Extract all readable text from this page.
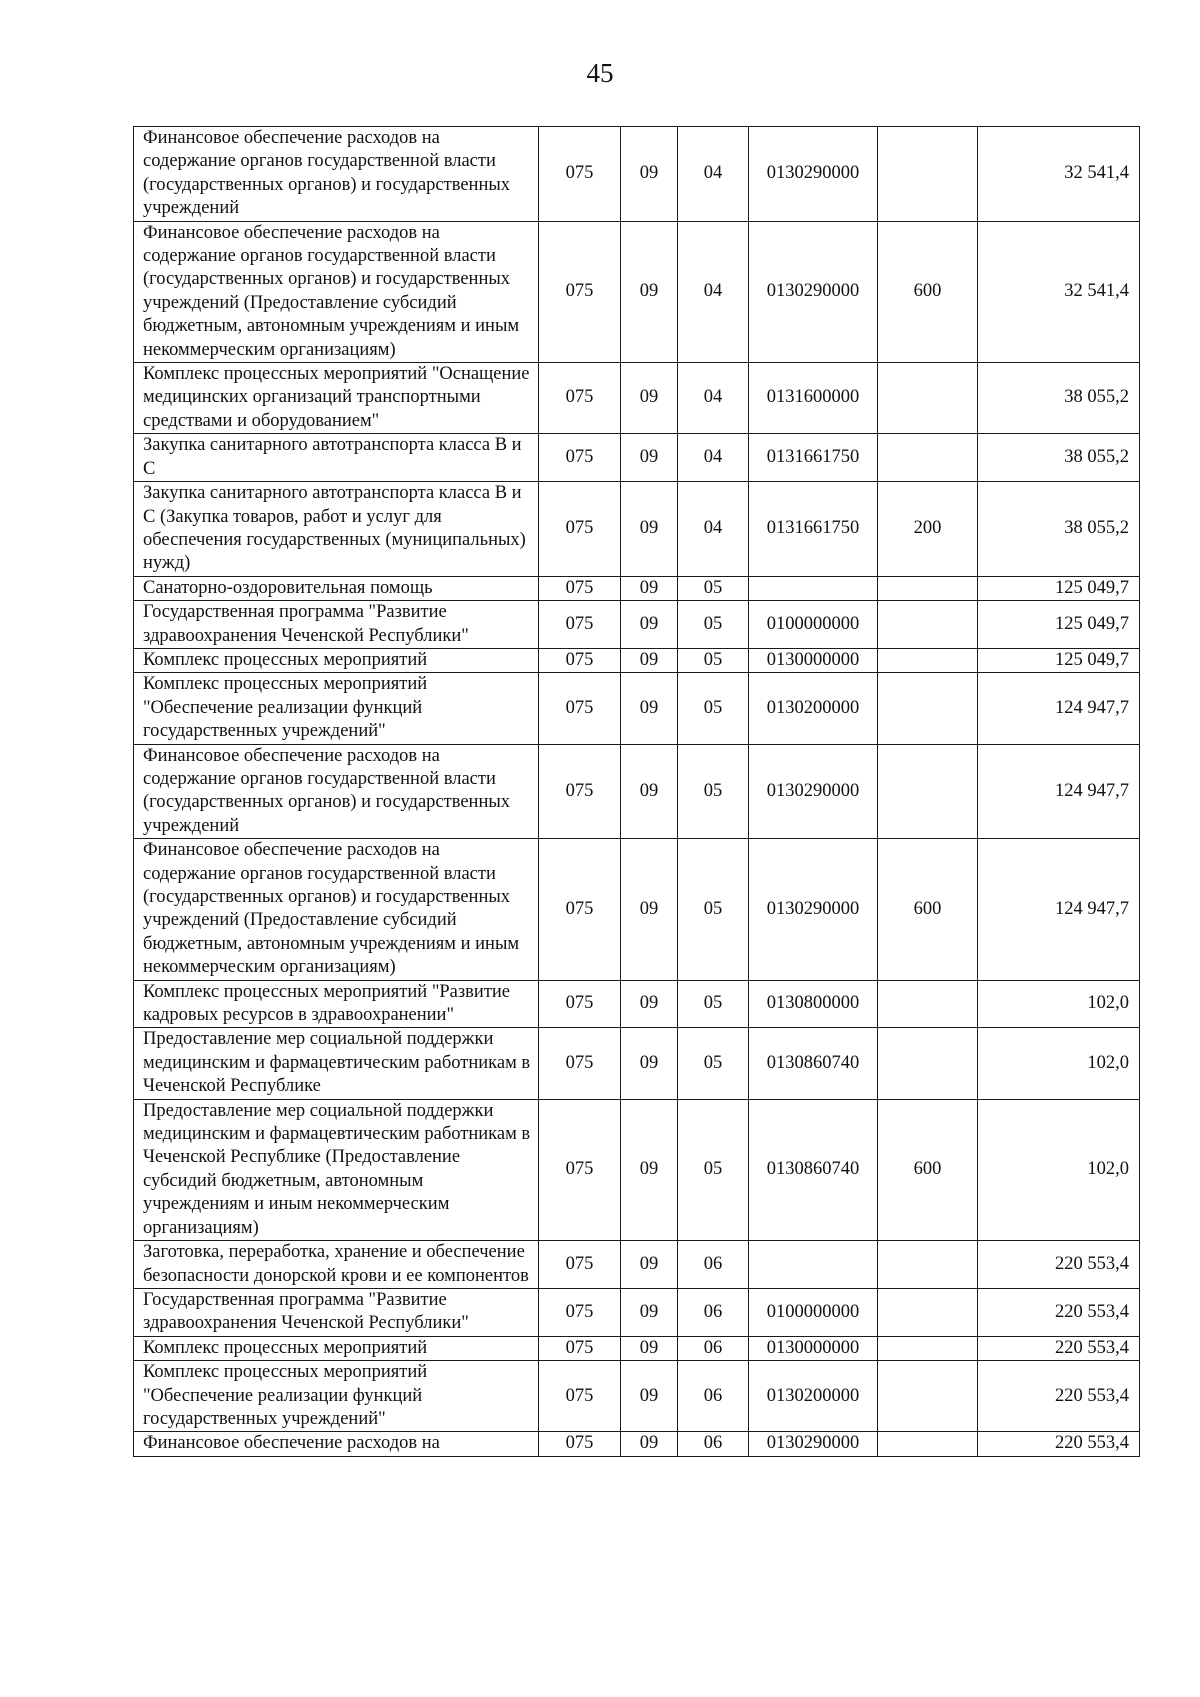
45
Финансовое обеспечение расходов на содержание органов государственной власти (государственных органов) и государственных учреждений	075	09	04	0130290000		32 541,4
Финансовое обеспечение расходов на содержание органов государственной власти (государственных органов) и государственных учреждений (Предоставление субсидий бюджетным, автономным учреждениям и иным некоммерческим организациям)	075	09	04	0130290000	600	32 541,4
Комплекс процессных мероприятий "Оснащение медицинских организаций транспортными средствами и оборудованием"	075	09	04	0131600000		38 055,2
Закупка санитарного автотранспорта класса В и С	075	09	04	0131661750		38 055,2
Закупка санитарного автотранспорта класса В и С (Закупка товаров, работ и услуг для обеспечения государственных (муниципальных) нужд)	075	09	04	0131661750	200	38 055,2
Санаторно-оздоровительная помощь	075	09	05			125 049,7
Государственная программа "Развитие здравоохранения Чеченской Республики"	075	09	05	0100000000		125 049,7
Комплекс процессных мероприятий	075	09	05	0130000000		125 049,7
Комплекс процессных мероприятий "Обеспечение реализации функций государственных учреждений"	075	09	05	0130200000		124 947,7
Финансовое обеспечение расходов на содержание органов государственной власти (государственных органов) и государственных учреждений	075	09	05	0130290000		124 947,7
Финансовое обеспечение расходов на содержание органов государственной власти (государственных органов) и государственных учреждений (Предоставление субсидий бюджетным, автономным учреждениям и иным некоммерческим организациям)	075	09	05	0130290000	600	124 947,7
Комплекс процессных мероприятий "Развитие кадровых ресурсов в здравоохранении"	075	09	05	0130800000		102,0
Предоставление мер социальной поддержки медицинским и фармацевтическим работникам в Чеченской Республике	075	09	05	0130860740		102,0
Предоставление мер социальной поддержки медицинским и фармацевтическим работникам в Чеченской Республике (Предоставление субсидий бюджетным, автономным учреждениям и иным некоммерческим организациям)	075	09	05	0130860740	600	102,0
Заготовка, переработка, хранение и обеспечение безопасности донорской крови и ее компонентов	075	09	06			220 553,4
Государственная программа "Развитие здравоохранения Чеченской Республики"	075	09	06	0100000000		220 553,4
Комплекс процессных мероприятий	075	09	06	0130000000		220 553,4
Комплекс процессных мероприятий "Обеспечение реализации функций государственных учреждений"	075	09	06	0130200000		220 553,4
Финансовое обеспечение расходов на	075	09	06	0130290000		220 553,4
